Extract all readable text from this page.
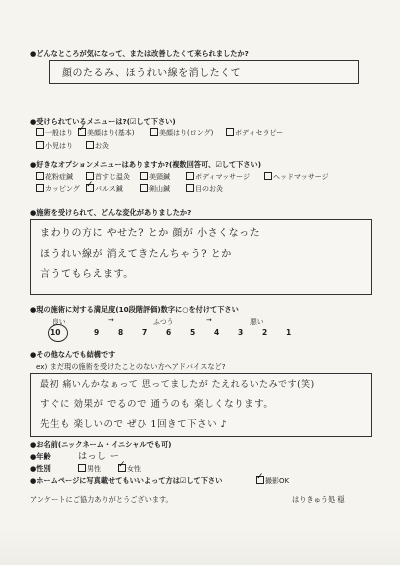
●どんなところが気になって、または改善したくて来られましたか?
顔のたるみ、ほうれい線を消したくて
●受けられているメニューは?(☑して下さい)
一般はり ✓	美顔はり(基本)	美顔はり(ロング)	ボディセラピー
小児はり	お灸
●好きなオプションメニューはありますか?(複数回答可、☑して下さい)
花粉症鍼	首すじ温灸	美頸鍼	ボディマッサージ	ヘッドマッサージ
カッピング ✓	パルス鍼	剣山鍼	目のお灸
●施術を受けられて、どんな変化がありましたか?
まわりの方に やせた? とか 顔が 小さくなった
ほうれい線が 消えてきたんちゃう? とか
言うてもらえます。
●現の施術に対する満足度(10段階評価)数字に○を付けて下さい
良い	→	ふつう	→	悪い
10	9	8	7	6	5	4	3	2	1
●その他なんでも結構です
ex) まだ現の施術を受けたことのない方へアドバイスなど?
最初 痛いんかなぁって 思ってましたが たえれるいたみです(笑)
すぐに 効果が でるので 通うのも 楽しくなります。
先生も 楽しいので ぜひ 1回きて下さい ♪
●お名前(ニックネーム・イニシャルでも可)
●年齢	はっし ー
●性別	男性 ✓	女性
●ホームページに写真載せてもいいよって方は☑して下さい ✓	撮影OK
アンケートにご協力ありがとうございます。	はりきゅう処 穏
